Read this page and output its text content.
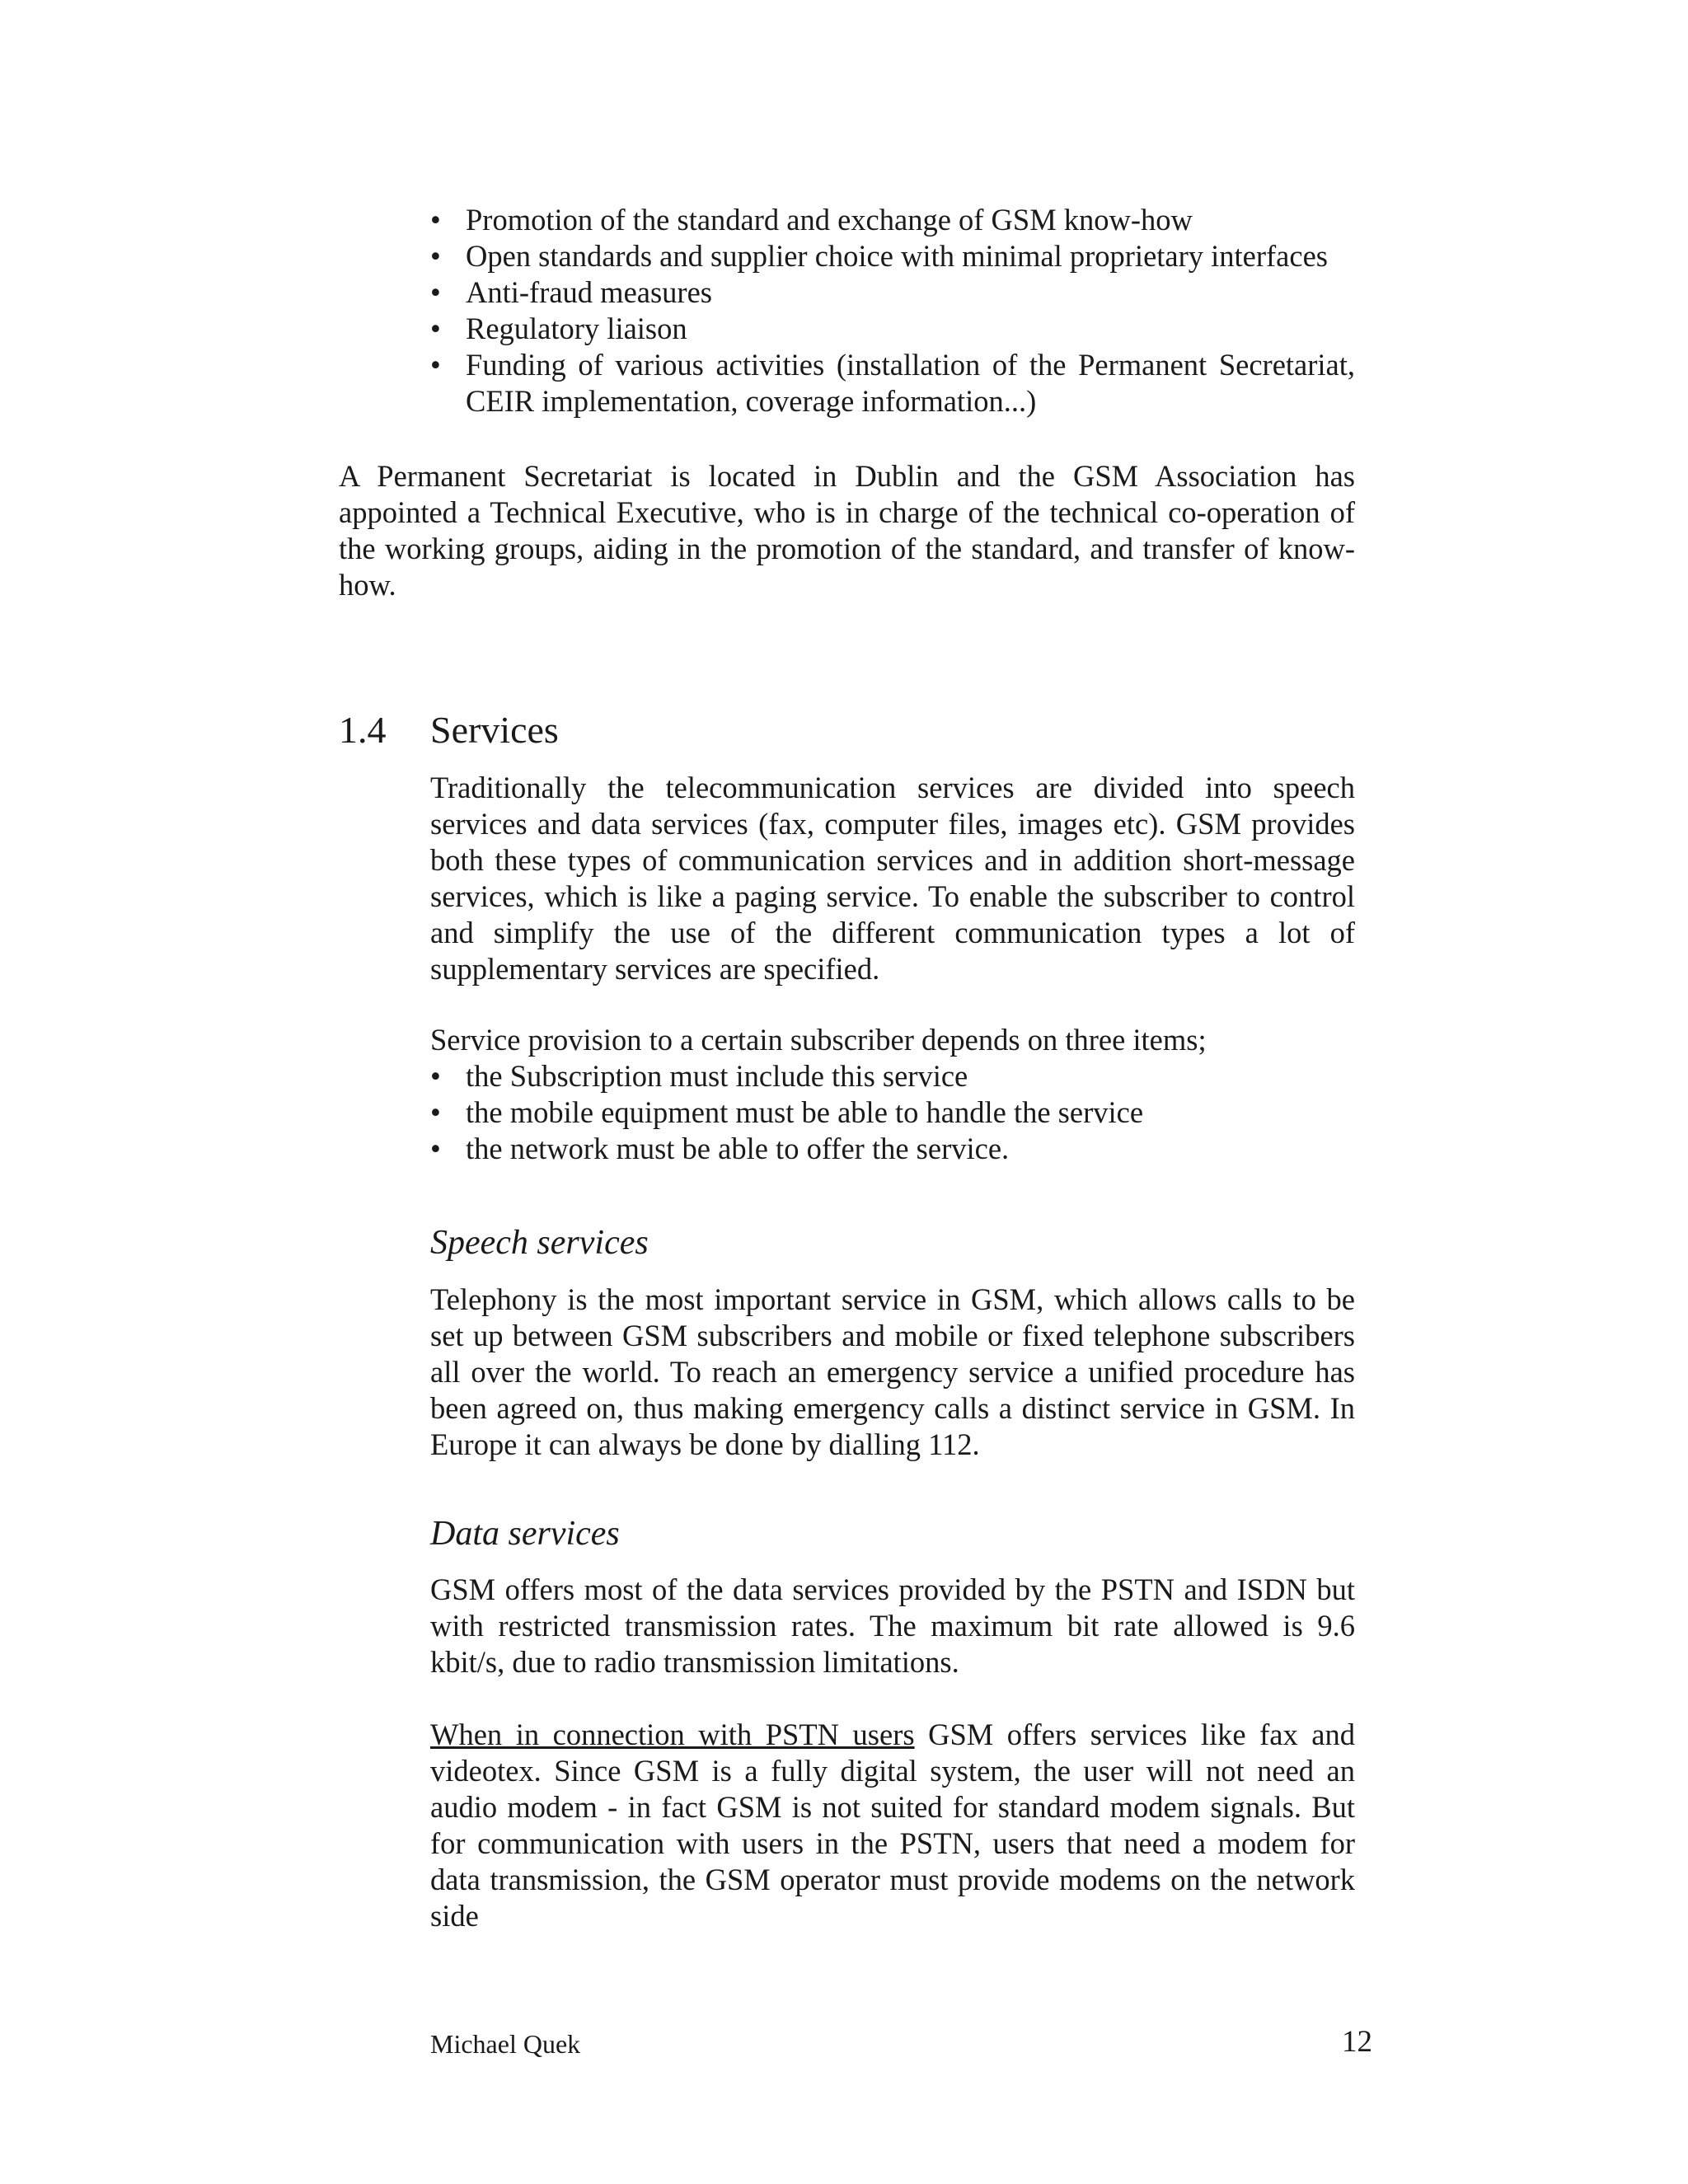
• Promotion of the standard and exchange of GSM know-how
• Open standards and supplier choice with minimal proprietary interfaces
• Anti-fraud measures
• Regulatory liaison
• Funding of various activities (installation of the Permanent Secretariat, CEIR implementation, coverage information...)

A Permanent Secretariat is located in Dublin and the GSM Association has appointed a Technical Executive, who is in charge of the technical co-operation of the working groups, aiding in the promotion of the standard, and transfer of know-how.

1.4 Services

Traditionally the telecommunication services are divided into speech services and data services (fax, computer files, images etc). GSM provides both these types of communication services and in addition short-message services, which is like a paging service. To enable the subscriber to control and simplify the use of the different communication types a lot of supplementary services are specified.

Service provision to a certain subscriber depends on three items;

• the Subscription must include this service
• the mobile equipment must be able to handle the service
• the network must be able to offer the service.
Speech services

Telephony is the most important service in GSM, which allows calls to be set up between GSM subscribers and mobile or fixed telephone subscribers all over the world. To reach an emergency service a unified procedure has been agreed on, thus making emergency calls a distinct service in GSM. In Europe it can always be done by dialling 112.

Data services

GSM offers most of the data services provided by the PSTN and ISDN but with restricted transmission rates. The maximum bit rate allowed is 9.6 kbit/s, due to radio transmission limitations.

When in connection with PSTN users GSM offers services like fax and videotex. Since GSM is a fully digital system, the user will not need an audio modem - in fact GSM is not suited for standard modem signals. But for communication with users in the PSTN, users that need a modem for data transmission, the GSM operator must provide modems on the network side

Michael Quek	12
